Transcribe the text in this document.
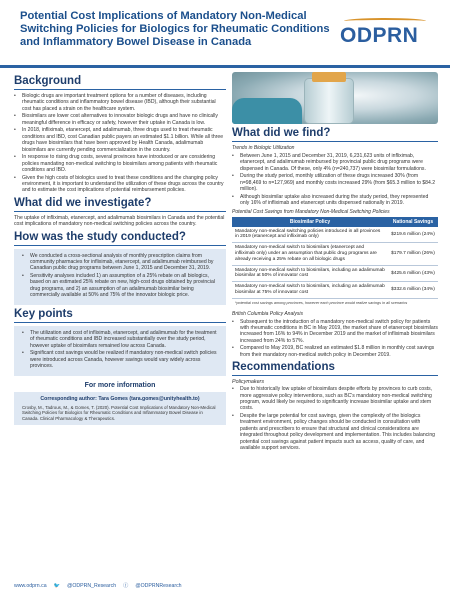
Potential Cost Implications of Mandatory Non-Medical Switching Policies for Biologics for Rheumatic Conditions and Inflammatory Bowel Disease in Canada	ODPRN
Background
• Biologic drugs are important treatment options for a number of diseases, including rheumatic conditions and inflammatory bowel disease (IBD), although their substantial cost has placed a strain on the healthcare system.
• Biosimilars are lower cost alternatives to innovator biologic drugs and have no clinically meaningful difference in efficacy or safety, however their uptake in Canada is low.
• In 2018, infliximab, etanercept, and adalimumab, three drugs used to treat rheumatic conditions and IBD, cost Canadian public payers an estimated $1.1 billion. While all three drugs have biosimilars that have been approved by Health Canada, adalimumab biosimilars are currently pending commercialization in the country.
• In response to rising drug costs, several provinces have introduced or are considering policies mandating non-medical switching to biosimilars among patients with rheumatic conditions and IBD.
• Given the high costs of biologics used to treat these conditions and the changing policy environment, it is important to understand the utilization of these drugs across the country and to estimate the cost implications of potential reimbursement policies.
What did we investigate?
The uptake of infliximab, etanercept, and adalimumab biosimilars in Canada and the potential cost implications of mandatory non-medical switching policies across the country.
How was the study conducted?
• We conducted a cross-sectional analysis of monthly prescription claims from community pharmacies for infliximab, etanercept, and adalimumab reimbursed by Canadian public drug programs between June 1, 2015 and December 31, 2019.
• Sensitivity analyses included 1) an assumption of a 25% rebate on all biologics, based on an estimated 25% rebate on new, high-cost drugs obtained by provincial drug programs, and 2) an assumption of an adalimumab biosimilar being commercially available at 50% and 75% of the innovator biologic price.
Key points
• The utilization and cost of infliximab, etanercept, and adalimumab for the treatment of rheumatic conditions and IBD increased substantially over the study period, however uptake of biosimilars remained low across Canada.
• Significant cost savings would be realized if mandatory non-medical switch policies were introduced across Canada, however savings would vary widely across provinces.
For more information
Corresponding author: Tara Gomes (tara.gomes@unityhealth.to)
Crosby, M., Tadrous, M., & Gomes, T. (2020). Potential Cost Implications of Mandatory Non-Medical Switching Policies for Biologics for Rheumatic Conditions and Inflammatory Bowel Disease in Canada. Clinical Pharmacology & Therapeutics.
www.odprn.ca 🐦 @ODPRN_Research ⓕ @ODPRNResearch
What did we find?
Trends in Biologic Utilization
• Between June 1, 2015 and December 31, 2019, 6,231,623 units of infliximab, etanercept, and adalimumab reimbursed by provincial public drug programs were dispensed in Canada. Of these, only 4% (n=240,737) were biosimilar formulations.
• During the study period, monthly utilization of these drugs increased 30% (from n=98,469 to n=127,969) and monthly costs increased 29% (from $65.3 million to $84.2 million).
• Although biosimilar uptake also increased during the study period, they represented only 16% of infliximab and etanercept units dispensed nationally in 2019.
Potential Cost Savings from Mandatory Non-Medical Switching Policies
Biosimilar Policy	National Savings
Mandatory non-medical switching policies introduced in all provinces in 2019 (etanercept and infliximab only)	$219.6 million (24%)
Mandatory non-medical switch to biosimilars (etanercept and infliximab only) under an assumption that public drug programs are already receiving a 25% rebate on all biologic drugs	$179.7 million (26%)
Mandatory non-medical switch to biosimilars, including an adalimumab biosimilar at 50% of innovator cost	$425.6 million (43%)
Mandatory non-medical switch to biosimilars, including an adalimumab biosimilar at 75% of innovator cost	$332.6 million (34%)
*potential cost savings among provinces, however each province would realize savings in all scenarios	
British Columbia Policy Analysis
• Subsequent to the introduction of a mandatory non-medical switch policy for patients with rheumatic conditions in BC in May 2019, the market share of etanercept biosimilars increased from 16% to 94% in December 2019 and the market of infliximab biosimilars increased from 24% to 57%.
• Compared to May 2019, BC realized an estimated $1.8 million in monthly cost savings from their mandatory non-medical switch policy in December 2019.
Recommendations
Policymakers
• Due to historically low uptake of biosimilars despite efforts by provinces to curb costs, more aggressive policy interventions, such as BC's mandatory non-medical switching program, would likely be required to significantly increase biosimilar uptake and stem costs.
• Despite the large potential for cost savings, given the complexity of the biologics treatment environment, policy changes should be conducted in consultation with patients and prescribers to ensure that structural and clinical considerations are integrated throughout policy development and implementation. This includes balancing potential cost savings against patient impacts such as access, quality of care, and available support services.
